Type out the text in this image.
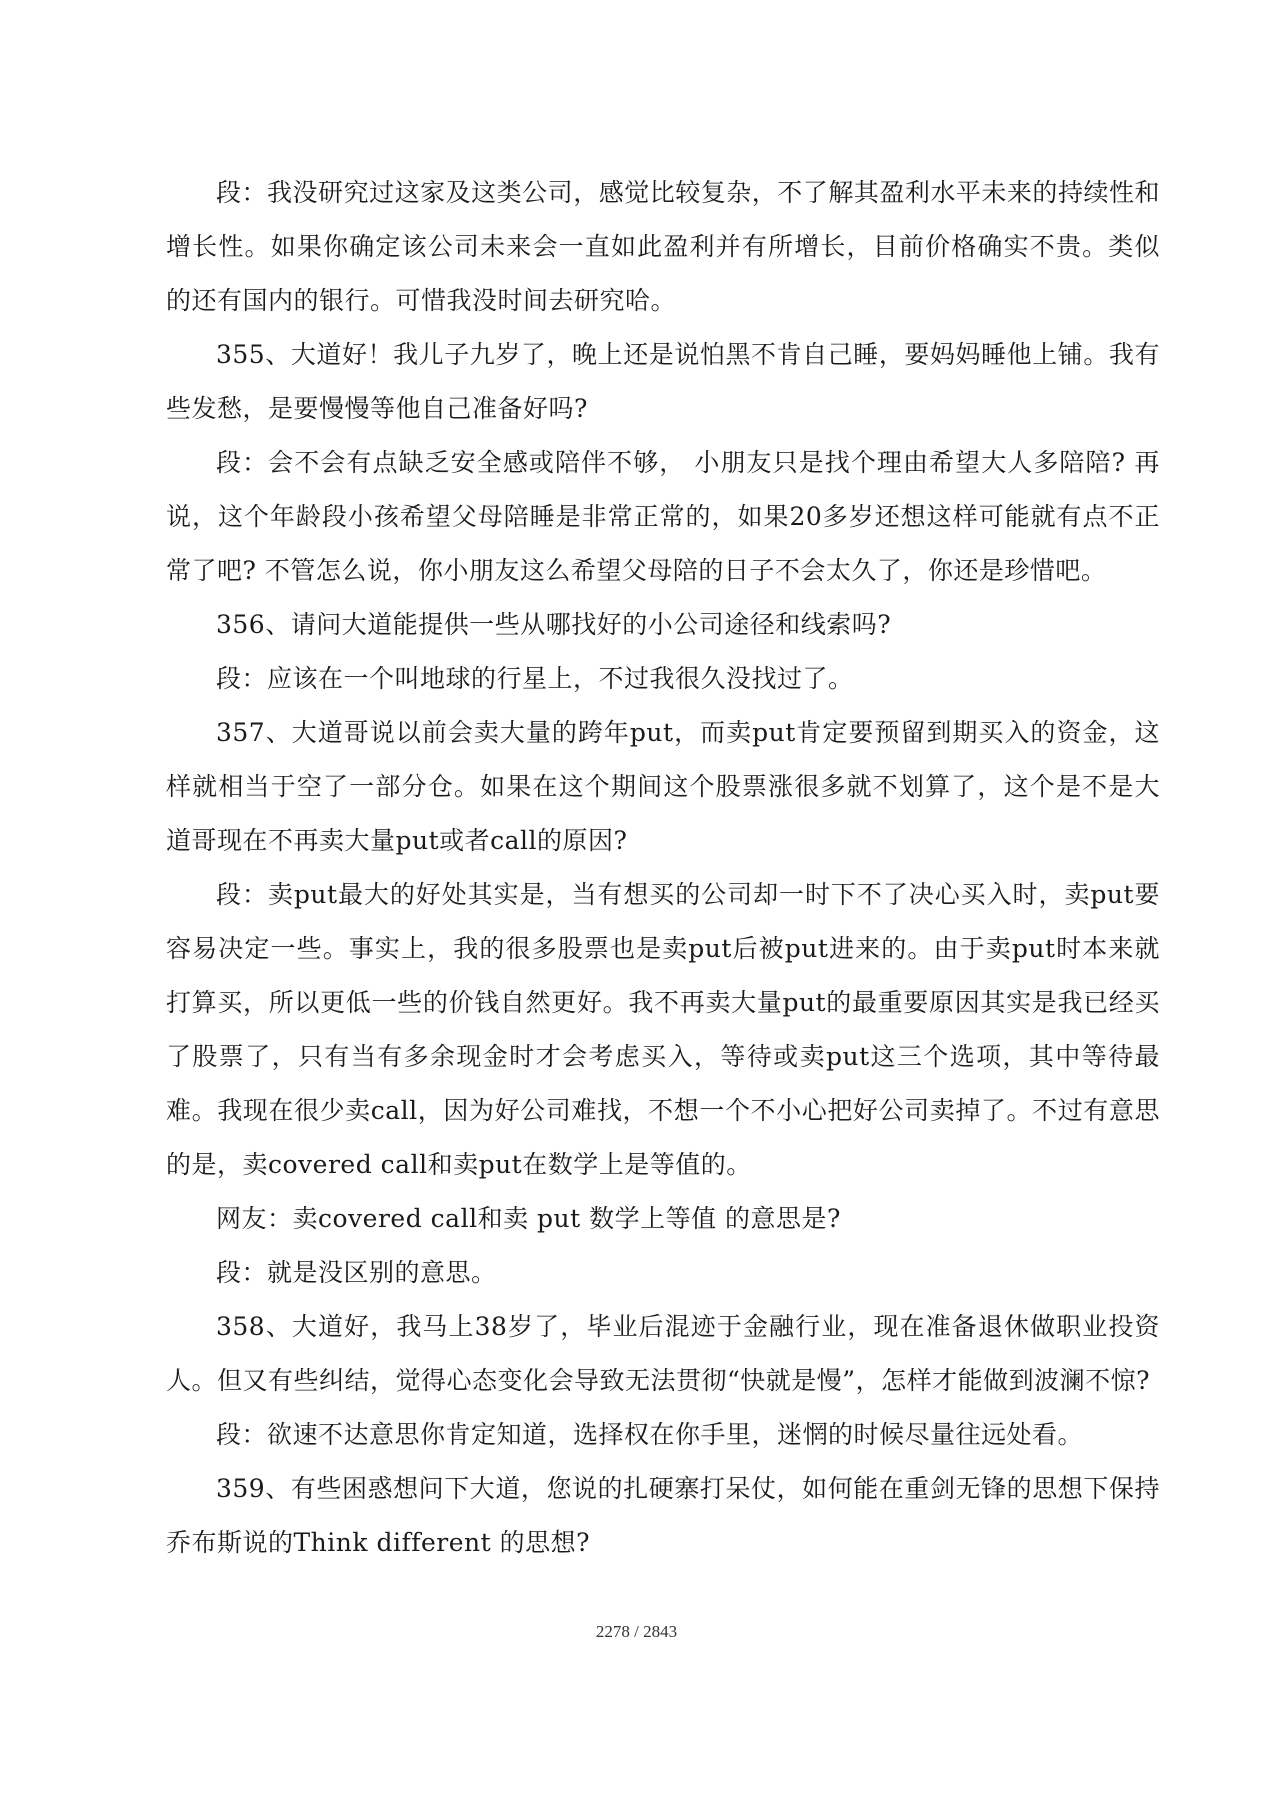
段：我没研究过这家及这类公司，感觉比较复杂，不了解其盈利水平未来的持续性和增长性。如果你确定该公司未来会一直如此盈利并有所增长，目前价格确实不贵。类似的还有国内的银行。可惜我没时间去研究哈。

355、大道好！我儿子九岁了，晚上还是说怕黑不肯自己睡，要妈妈睡他上铺。我有些发愁，是要慢慢等他自己准备好吗?

段：会不会有点缺乏安全感或陪伴不够， 小朋友只是找个理由希望大人多陪陪? 再说，这个年龄段小孩希望父母陪睡是非常正常的，如果20多岁还想这样可能就有点不正常了吧? 不管怎么说，你小朋友这么希望父母陪的日子不会太久了，你还是珍惜吧。

356、请问大道能提供一些从哪找好的小公司途径和线索吗?

段：应该在一个叫地球的行星上，不过我很久没找过了。

357、大道哥说以前会卖大量的跨年put，而卖put肯定要预留到期买入的资金，这样就相当于空了一部分仓。如果在这个期间这个股票涨很多就不划算了，这个是不是大道哥现在不再卖大量put或者call的原因?

段：卖put最大的好处其实是，当有想买的公司却一时下不了决心买入时，卖put要容易决定一些。事实上，我的很多股票也是卖put后被put进来的。由于卖put时本来就打算买，所以更低一些的价钱自然更好。我不再卖大量put的最重要原因其实是我已经买了股票了，只有当有多余现金时才会考虑买入，等待或卖put这三个选项，其中等待最难。我现在很少卖call，因为好公司难找，不想一个不小心把好公司卖掉了。不过有意思的是，卖covered call和卖put在数学上是等值的。

网友：卖covered call和卖 put 数学上等值 的意思是?

段：就是没区别的意思。

358、大道好，我马上38岁了，毕业后混迹于金融行业，现在准备退休做职业投资人。但又有些纠结，觉得心态变化会导致无法贯彻“快就是慢”，怎样才能做到波澜不惊?

段：欲速不达意思你肯定知道，选择权在你手里，迷惘的时候尽量往远处看。

359、有些困惑想问下大道，您说的扎硬寨打呆仗，如何能在重剑无锋的思想下保持乔布斯说的Think different 的思想?

2278 / 2843
